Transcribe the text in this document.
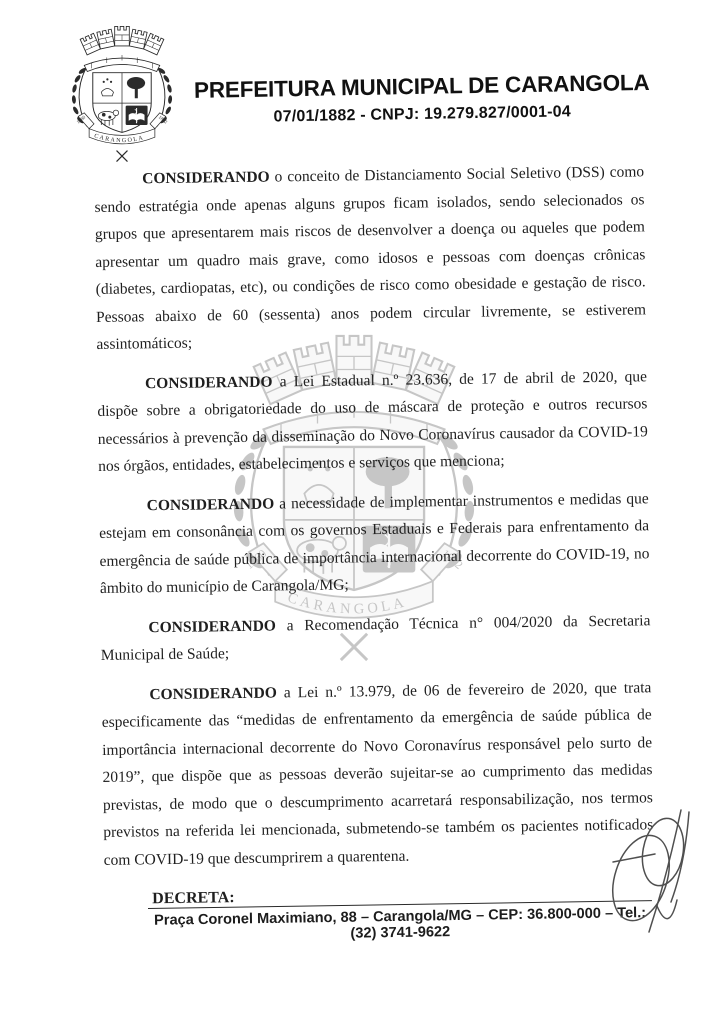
PREFEITURA MUNICIPAL DE CARANGOLA
07/01/1882 - CNPJ: 19.279.827/0001-04

CONSIDERANDO o conceito de Distanciamento Social Seletivo (DSS) como sendo estratégia onde apenas alguns grupos ficam isolados, sendo selecionados os grupos que apresentarem mais riscos de desenvolver a doença ou aqueles que podem apresentar um quadro mais grave, como idosos e pessoas com doenças crônicas (diabetes, cardiopatas, etc), ou condições de risco como obesidade e gestação de risco. Pessoas abaixo de 60 (sessenta) anos podem circular livremente, se estiverem assintomáticos;

CONSIDERANDO a Lei Estadual n.º 23.636, de 17 de abril de 2020, que dispõe sobre a obrigatoriedade do uso de máscara de proteção e outros recursos necessários à prevenção da disseminação do Novo Coronavírus causador da COVID-19 nos órgãos, entidades, estabelecimentos e serviços que menciona;

CONSIDERANDO a necessidade de implementar instrumentos e medidas que estejam em consonância com os governos Estaduais e Federais para enfrentamento da emergência de saúde pública de importância internacional decorrente do COVID-19, no âmbito do município de Carangola/MG;

CONSIDERANDO a Recomendação Técnica n° 004/2020 da Secretaria Municipal de Saúde;

CONSIDERANDO a Lei n.º 13.979, de 06 de fevereiro de 2020, que trata especificamente das “medidas de enfrentamento da emergência de saúde pública de importância internacional decorrente do Novo Coronavírus responsável pelo surto de 2019”, que dispõe que as pessoas deverão sujeitar-se ao cumprimento das medidas previstas, de modo que o descumprimento acarretará responsabilização, nos termos previstos na referida lei mencionada, submetendo-se também os pacientes notificados com COVID-19 que descumprirem a quarentena.

DECRETA:

Praça Coronel Maximiano, 88 – Carangola/MG – CEP: 36.800-000 – Tel.: (32) 3741-9622
